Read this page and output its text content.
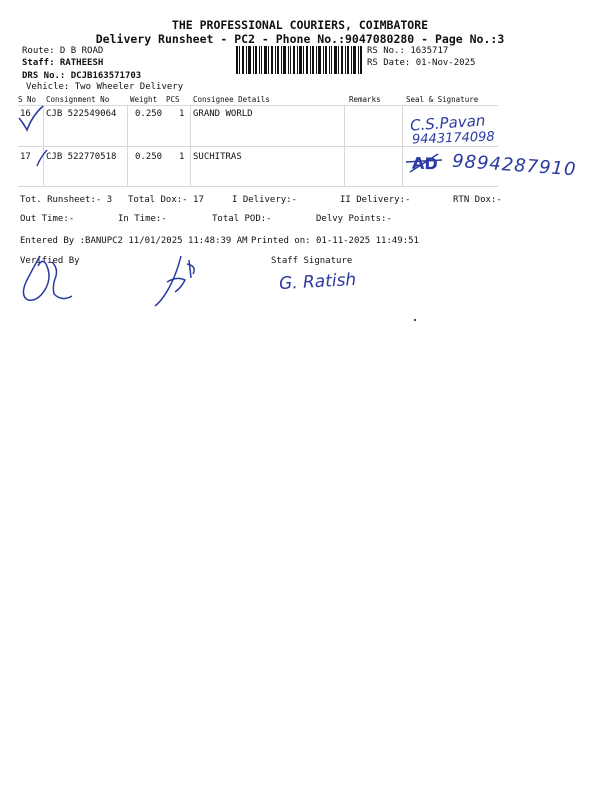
THE PROFESSIONAL COURIERS, COIMBATORE
Delivery Runsheet - PC2 - Phone No.:9047080280 - Page No.:3
Route: D B ROAD
Staff: RATHEESH
DRS No.: DCJB163571703
Vehicle: Two Wheeler Delivery
RS No.: 1635717
RS Date: 01-Nov-2025
S No Consignment No	Weight PCS Consignee Details	Remarks	Seal & Signature
16 CJB 522549064 0.250 1 GRAND WORLD
17 CJB 522770518 0.250 1 SUCHITRAS
C.S.Pavan
9443174098
AD 9894287910
Tot. Runsheet:- 3 Total Dox:- 17	I Delivery:-	II Delivery:-	RTN Dox:-
Out Time:-	In Time:-	Total POD:-	Delvy Points:-
Entered By :BANUPC2 11/01/2025 11:48:39 AM Printed on: 01-11-2025 11:49:51
Verified By	Staff Signature
G. Ratish
